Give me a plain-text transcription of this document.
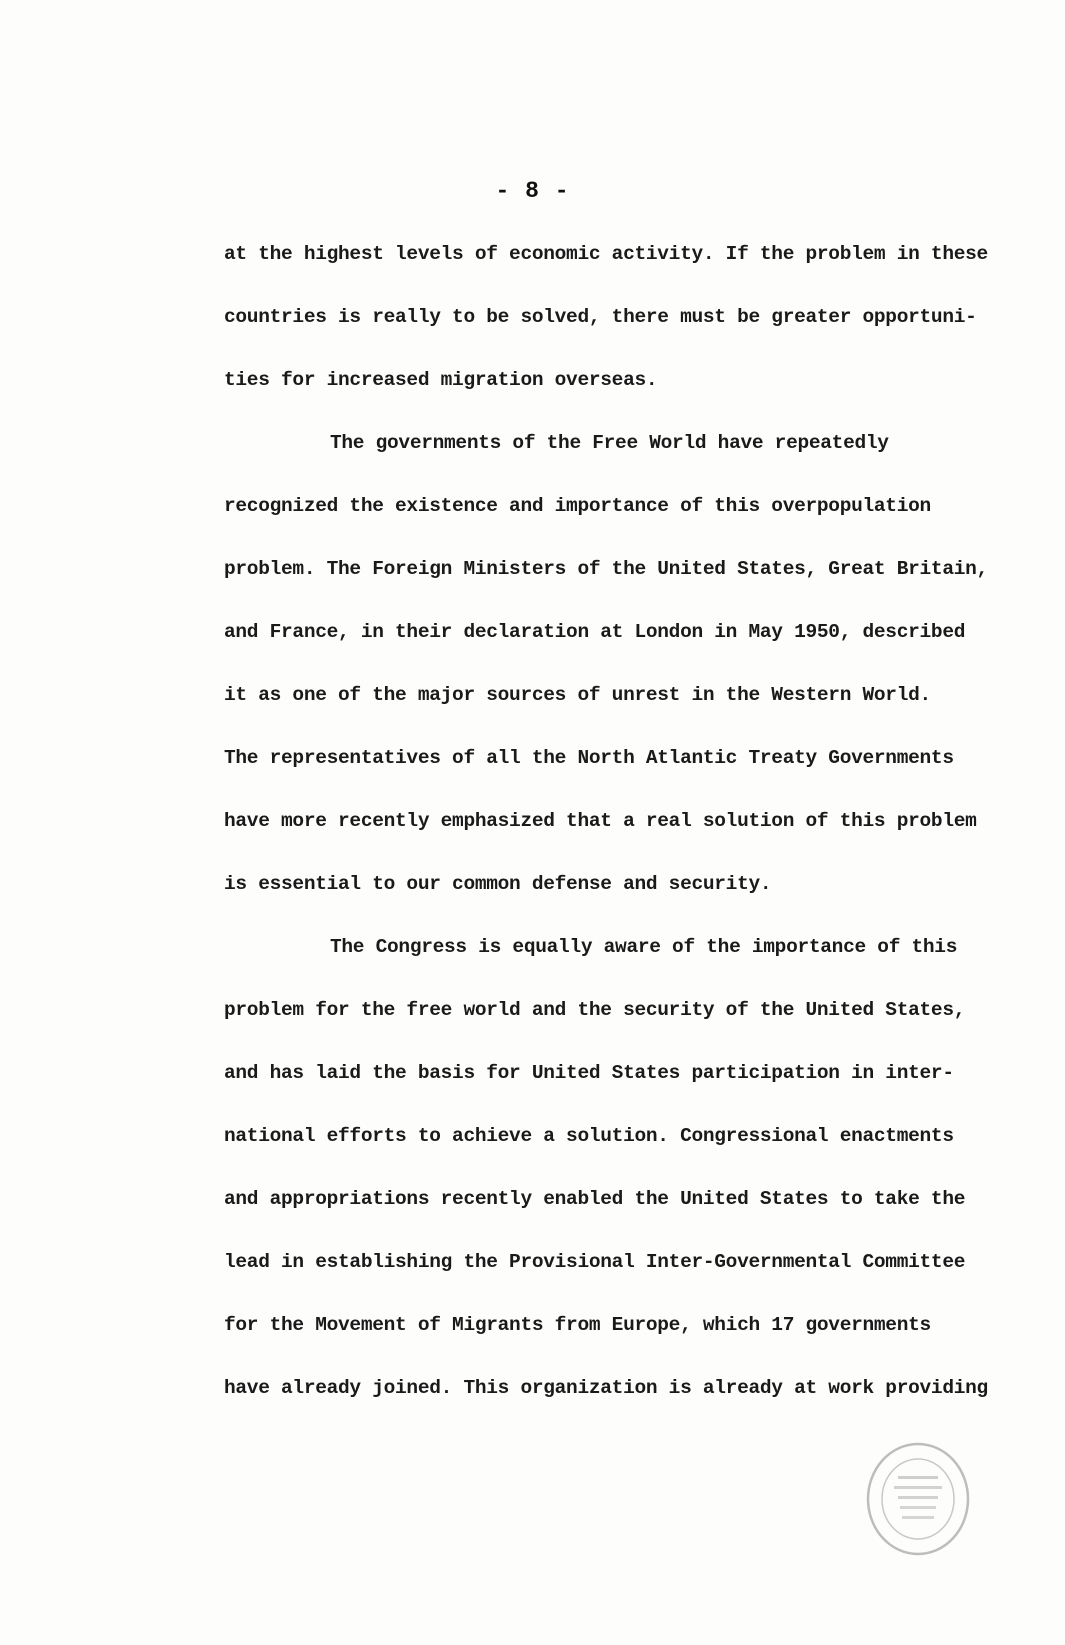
- 8 -
at the highest levels of economic activity. If the problem in these
countries is really to be solved, there must be greater opportuni-
ties for increased migration overseas.
The governments of the Free World have repeatedly
recognized the existence and importance of this overpopulation
problem. The Foreign Ministers of the United States, Great Britain,
and France, in their declaration at London in May 1950, described
it as one of the major sources of unrest in the Western World.
The representatives of all the North Atlantic Treaty Governments
have more recently emphasized that a real solution of this problem
is essential to our common defense and security.
The Congress is equally aware of the importance of this
problem for the free world and the security of the United States,
and has laid the basis for United States participation in inter-
national efforts to achieve a solution. Congressional enactments
and appropriations recently enabled the United States to take the
lead in establishing the Provisional Inter-Governmental Committee
for the Movement of Migrants from Europe, which 17 governments
have already joined. This organization is already at work providing
